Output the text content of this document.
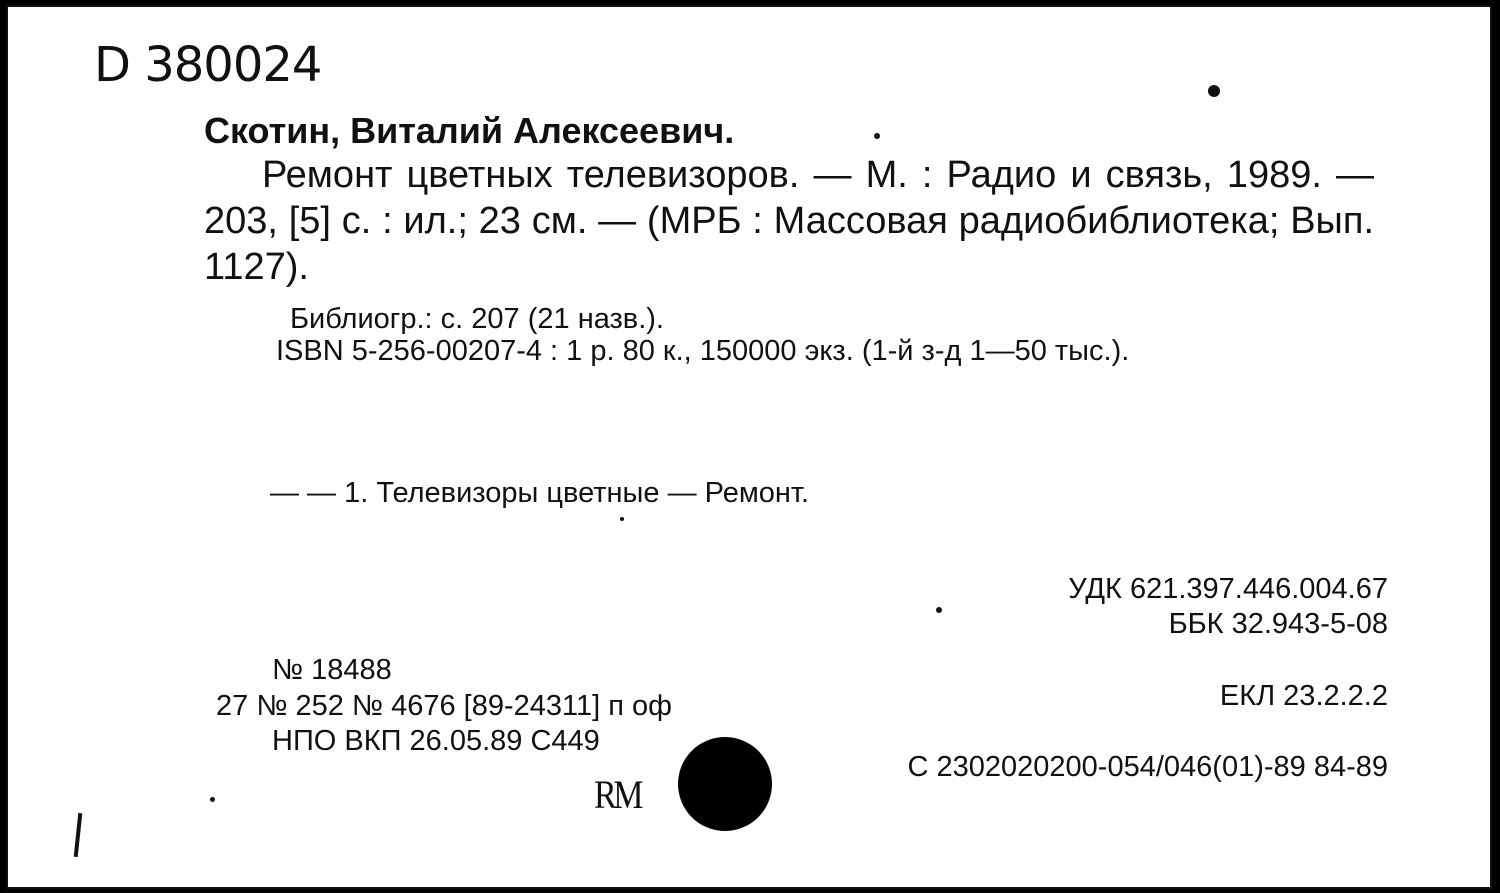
D 380024
Скотин, Виталий Алексеевич.
Ремонт цветных телевизоров. — М. : Радио и связь, 1989. — 203, [5] с. : ил.; 23 см. — (МРБ : Массовая радиобиблиотека; Вып. 1127).
Библиогр.: с. 207 (21 назв.).
ISBN 5-256-00207-4 : 1 р. 80 к., 150000 экз. (1-й з-д 1—50 тыс.).
— — 1. Телевизоры цветные — Ремонт.
УДК 621.397.446.004.67
ББК 32.943-5-08
№ 18488
27 № 252 № 4676 [89-24311] п оф
НПО ВКП 26.05.89 С449
ЕКЛ 23.2.2.2
С 2302020200-054/046(01)-89 84-89
RM
